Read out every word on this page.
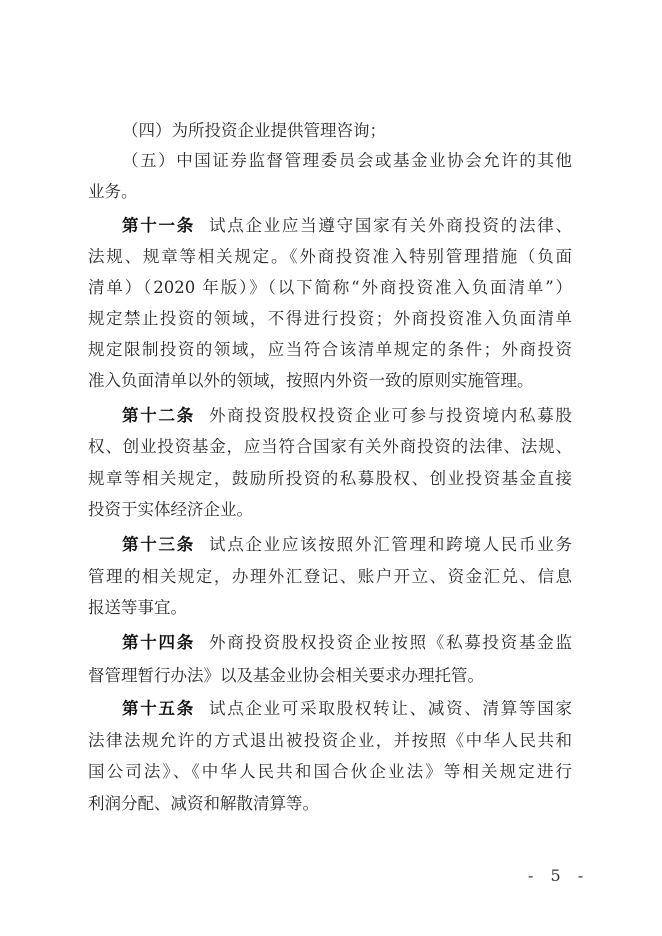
（四）为所投资企业提供管理咨询；
（五）中国证券监督管理委员会或基金业协会允许的其他
业务。
第十一条 试点企业应当遵守国家有关外商投资的法律、
法规、规章等相关规定。《外商投资准入特别管理措施（负面
清单）（2020 年版）》（以下简称“外商投资准入负面清单”）
规定禁止投资的领域，不得进行投资；外商投资准入负面清单
规定限制投资的领域，应当符合该清单规定的条件；外商投资
准入负面清单以外的领域，按照内外资一致的原则实施管理。
第十二条 外商投资股权投资企业可参与投资境内私募股
权、创业投资基金，应当符合国家有关外商投资的法律、法规、
规章等相关规定，鼓励所投资的私募股权、创业投资基金直接
投资于实体经济企业。
第十三条 试点企业应该按照外汇管理和跨境人民币业务
管理的相关规定，办理外汇登记、账户开立、资金汇兑、信息
报送等事宜。
第十四条 外商投资股权投资企业按照《私募投资基金监
督管理暂行办法》以及基金业协会相关要求办理托管。
第十五条 试点企业可采取股权转让、减资、清算等国家
法律法规允许的方式退出被投资企业，并按照《中华人民共和
国公司法》、《中华人民共和国合伙企业法》等相关规定进行
利润分配、减资和解散清算等。
- 5 -
